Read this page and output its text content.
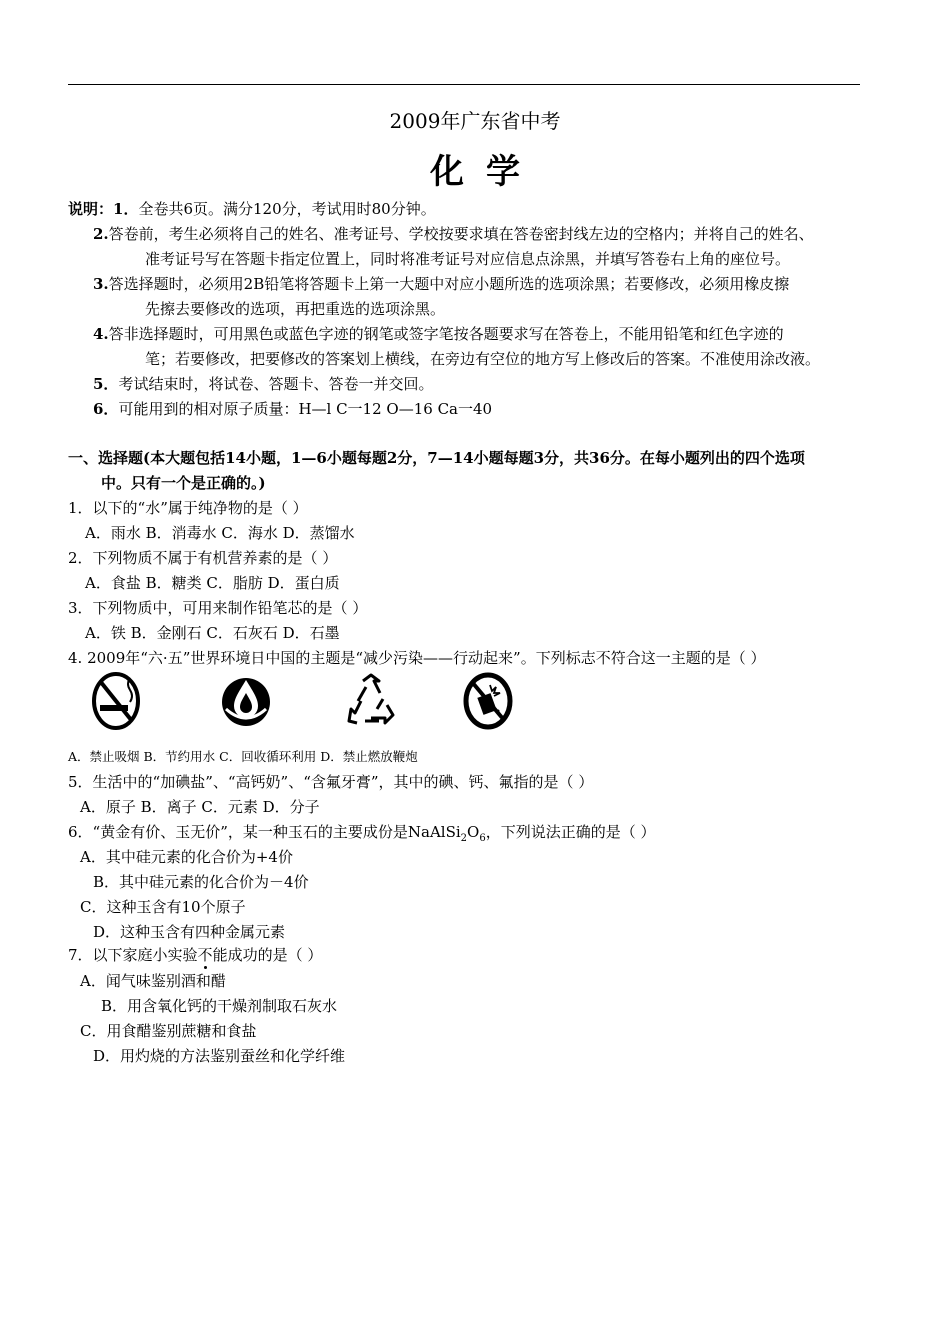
2009年广东省中考
化学
说明：1．全卷共6页。满分120分，考试用时80分钟。
2.答卷前，考生必须将自己的姓名、准考证号、学校按要求填在答卷密封线左边的空格内；并将自己的姓名、
准考证号写在答题卡指定位置上，同时将准考证号对应信息点涂黑，并填写答卷右上角的座位号。
3.答选择题时，必须用2B铅笔将答题卡上第一大题中对应小题所选的选项涂黑；若要修改，必须用橡皮擦
先擦去要修改的选项，再把重选的选项涂黑。
4.答非选择题时，可用黑色或蓝色字迹的钢笔或签字笔按各题要求写在答卷上，不能用铅笔和红色字迹的
笔；若要修改，把要修改的答案划上横线，在旁边有空位的地方写上修改后的答案。不准使用涂改液。
5．考试结束时，将试卷、答题卡、答卷一并交回。
6．可能用到的相对原子质量：H—l C一12 O—16 Ca一40
一、选择题(本大题包括14小题，1—6小题每题2分，7—14小题每题3分，共36分。在每小题列出的四个选项
中。只有一个是正确的。)
1．以下的“水”属于纯净物的是（ ）
A．雨水 B．消毒水 C．海水 D．蒸馏水
2．下列物质不属于有机营养素的是（ ）
A．食盐 B．糖类 C．脂肪 D．蛋白质
3．下列物质中，可用来制作铅笔芯的是（ ）
A．铁 B．金刚石 C．石灰石 D．石墨
4. 2009年“六·五”世界环境日中国的主题是“减少污染——行动起来”。下列标志不符合这一主题的是（ ）
A．禁止吸烟 B．节约用水 C．回收循环利用 D．禁止燃放鞭炮
5．生活中的“加碘盐”、“高钙奶”、“含氟牙膏”，其中的碘、钙、氟指的是（ ）
A．原子 B．离子 C．元素 D．分子
6．“黄金有价、玉无价”，某一种玉石的主要成份是$NaAlSi_2O_6$，下列说法正确的是（ ）
A．其中硅元素的化合价为+4价
B．其中硅元素的化合价为－4价
C．这种玉含有10个原子
D．这种玉含有四种金属元素
7．以下家庭小实验不能成功的是（ ）
A．闻气味鉴别酒和醋
B．用含氧化钙的干燥剂制取石灰水
C．用食醋鉴别蔗糖和食盐
D．用灼烧的方法鉴别蚕丝和化学纤维
